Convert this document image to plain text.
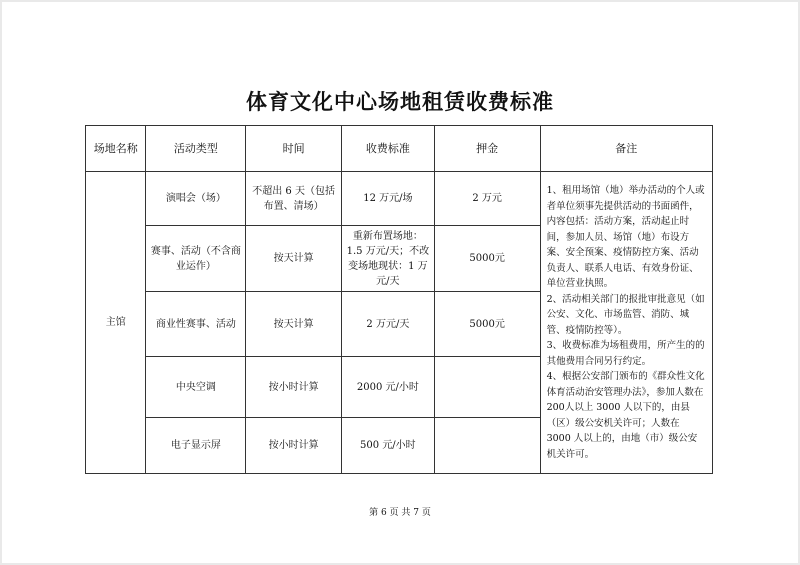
体育文化中心场地租赁收费标准
场地名称	活动类型	时间	收费标准	押金	备注
主馆	演唱会（场）	不超出 6 天（包括布置、清场）	12 万元/场	2 万元	1、租用场馆（地）举办活动的个人或者单位须事先提供活动的书面函件，内容包括：活动方案，活动起止时间，参加人员、场馆（地）布设方案、安全预案、疫情防控方案、活动负责人、联系人电话、有效身份证、单位营业执照。

2、活动相关部门的报批审批意见（如公安、文化、市场监管、消防、城管、疫情防控等）。

3、收费标准为场租费用，所产生的的其他费用合同另行约定。

4、根据公安部门颁布的《群众性文化体育活动治安管理办法》，参加人数在 200人以上 3000 人以下的，由县（区）级公安机关许可；人数在 3000 人以上的，由地（市）级公安机关许可。

	赛事、活动（不含商业运作）	按天计算	重新布置场地：1.5 万元/天；不改变场地现状：1 万元/天	5000元	
	商业性赛事、活动	按天计算	2 万元/天	5000元	
	中央空调	按小时计算	2000 元/小时		
	电子显示屏	按小时计算	500 元/小时		
第 6 页 共 7 页
